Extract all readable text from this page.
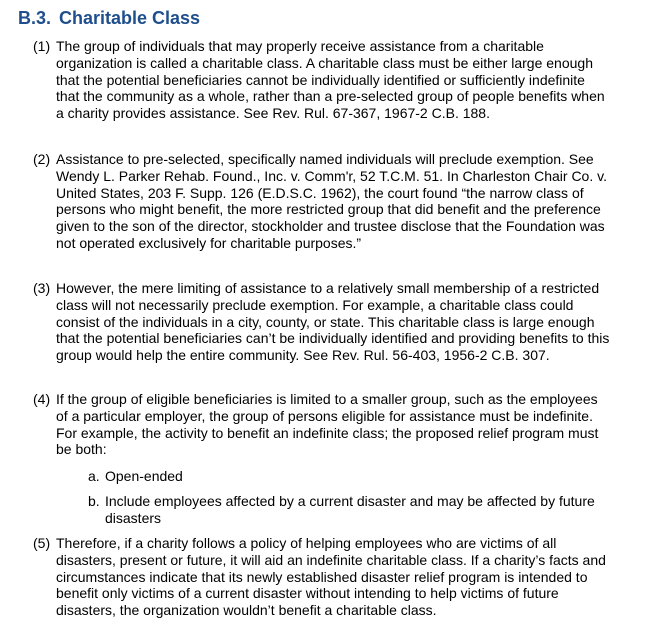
B.3. Charitable Class
(1) The group of individuals that may properly receive assistance from a charitable organization is called a charitable class. A charitable class must be either large enough that the potential beneficiaries cannot be individually identified or sufficiently indefinite that the community as a whole, rather than a pre-selected group of people benefits when a charity provides assistance. See Rev. Rul. 67-367, 1967-2 C.B. 188.
(2) Assistance to pre-selected, specifically named individuals will preclude exemption. See Wendy L. Parker Rehab. Found., Inc. v. Comm'r, 52 T.C.M. 51. In Charleston Chair Co. v. United States, 203 F. Supp. 126 (E.D.S.C. 1962), the court found “the narrow class of persons who might benefit, the more restricted group that did benefit and the preference given to the son of the director, stockholder and trustee disclose that the Foundation was not operated exclusively for charitable purposes.”
(3) However, the mere limiting of assistance to a relatively small membership of a restricted class will not necessarily preclude exemption. For example, a charitable class could consist of the individuals in a city, county, or state. This charitable class is large enough that the potential beneficiaries can’t be individually identified and providing benefits to this group would help the entire community. See Rev. Rul. 56-403, 1956-2 C.B. 307.
(4) If the group of eligible beneficiaries is limited to a smaller group, such as the employees of a particular employer, the group of persons eligible for assistance must be indefinite. For example, the activity to benefit an indefinite class; the proposed relief program must be both:
a. Open-ended
b. Include employees affected by a current disaster and may be affected by future disasters
(5) Therefore, if a charity follows a policy of helping employees who are victims of all disasters, present or future, it will aid an indefinite charitable class. If a charity’s facts and circumstances indicate that its newly established disaster relief program is intended to benefit only victims of a current disaster without intending to help victims of future disasters, the organization wouldn’t benefit a charitable class.
